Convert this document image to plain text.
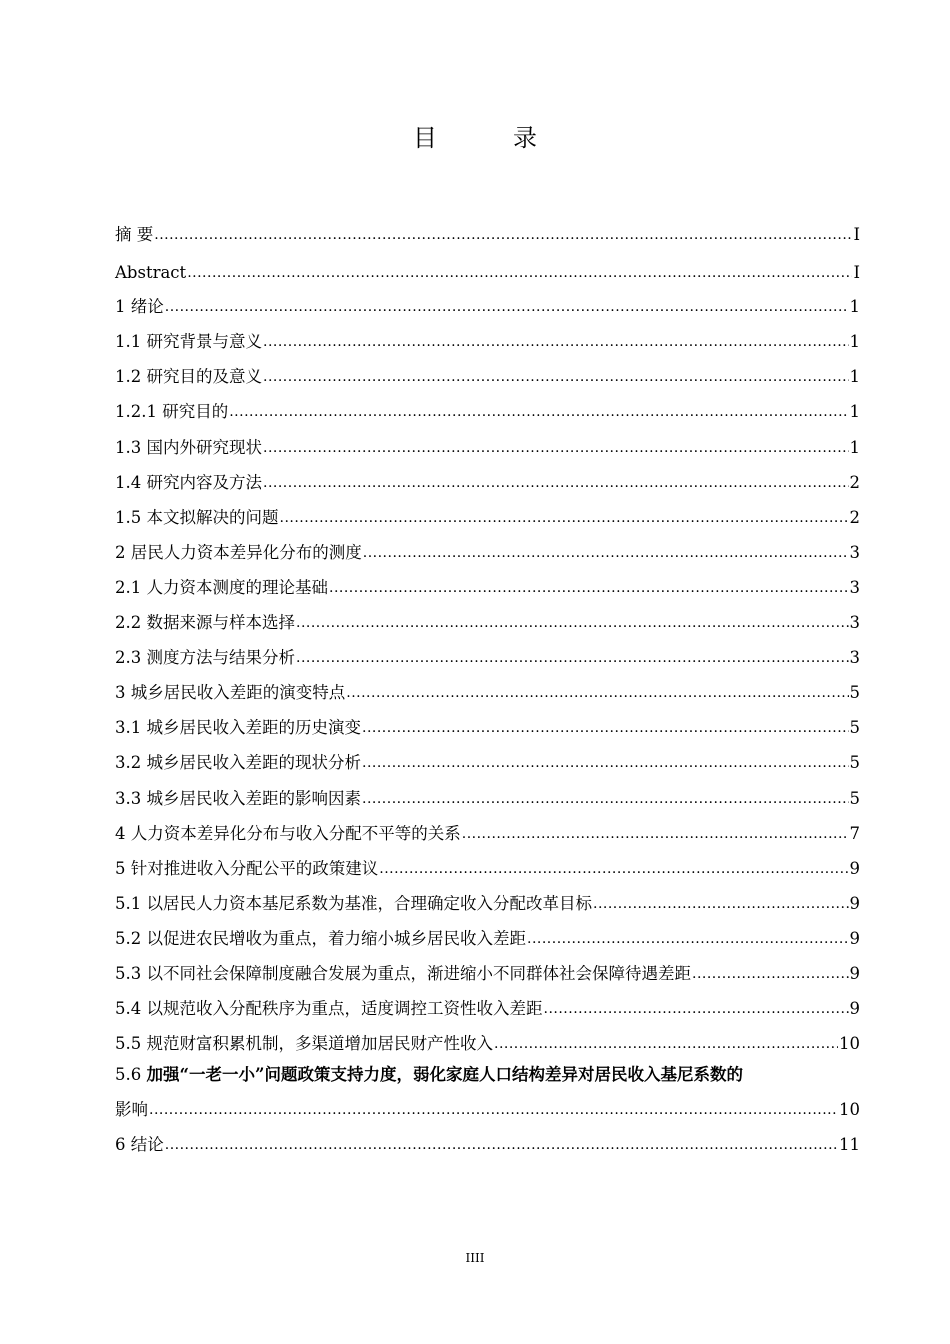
目　录
摘 要 .....	I
Abstract .....	I
1 绪论 .....	1
1.1 研究背景与意义 .....	1
1.2 研究目的及意义 .....	1
1.2.1 研究目的 .....	1
1.3 国内外研究现状 .....	1
1.4 研究内容及方法 .....	2
1.5 本文拟解决的问题 .....	2
2 居民人力资本差异化分布的测度 .....	3
2.1 人力资本测度的理论基础 .....	3
2.2 数据来源与样本选择 .....	3
2.3 测度方法与结果分析 .....	3
3 城乡居民收入差距的演变特点 .....	5
3.1 城乡居民收入差距的历史演变 .....	5
3.2 城乡居民收入差距的现状分析 .....	5
3.3 城乡居民收入差距的影响因素 .....	5
4 人力资本差异化分布与收入分配不平等的关系 .....	7
5 针对推进收入分配公平的政策建议 .....	9
5.1 以居民人力资本基尼系数为基准，合理确定收入分配改革目标 .....	9
5.2 以促进农民增收为重点，着力缩小城乡居民收入差距 .....	9
5.3 以不同社会保障制度融合发展为重点，渐进缩小不同群体社会保障待遇差距 .....	9
5.4 以规范收入分配秩序为重点，适度调控工资性收入差距 .....	9
5.5 规范财富积累机制，多渠道增加居民财产性收入 .....	10
5.6 加强“一老一小”问题政策支持力度，弱化家庭人口结构差异对居民收入基尼系数的
影响 .....	10
6 结论 .....	11
IIII
